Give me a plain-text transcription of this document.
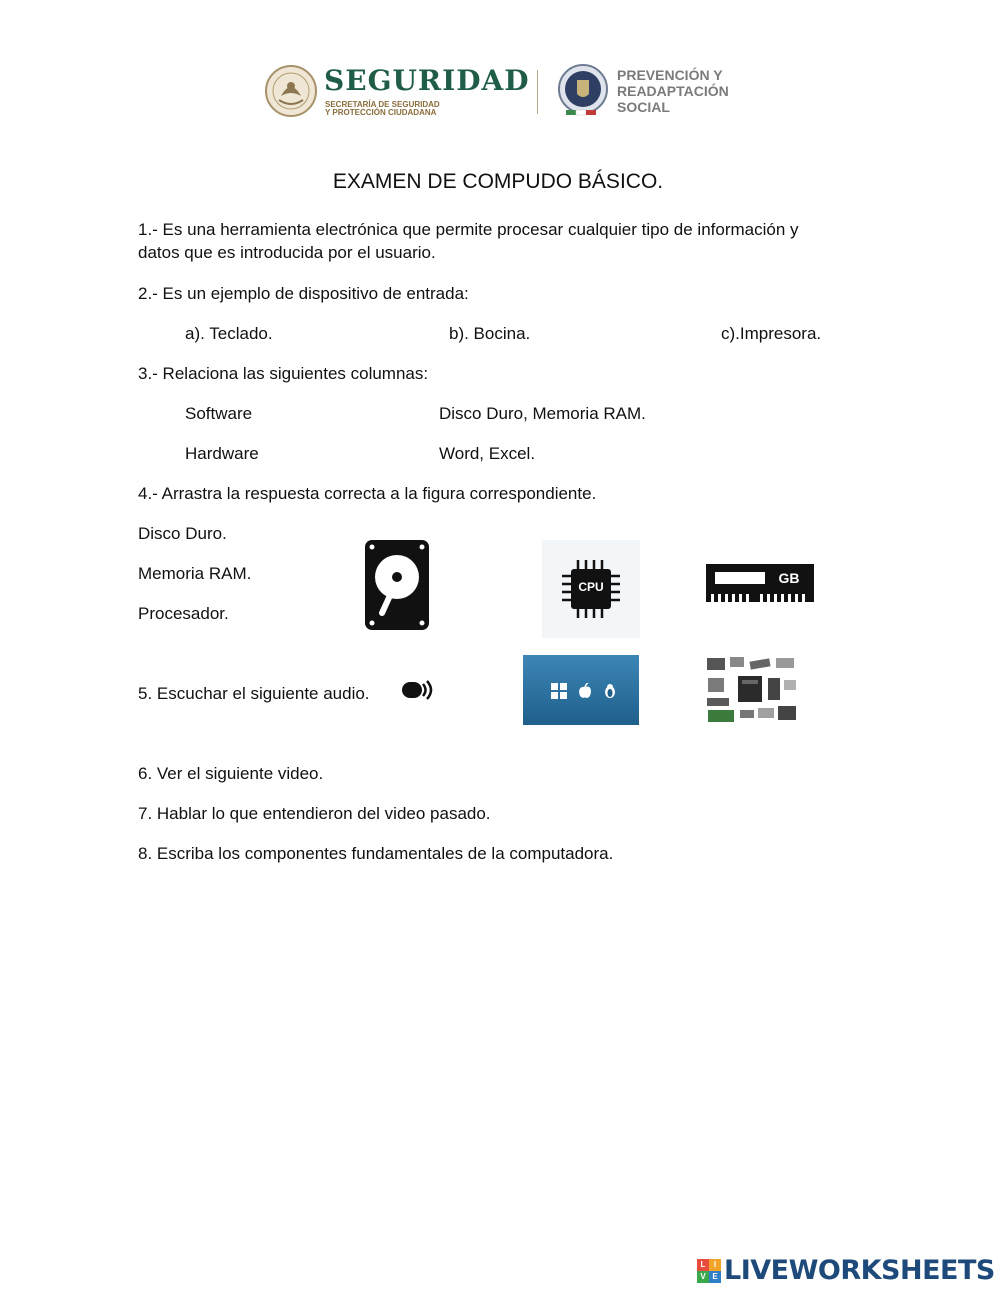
SEGURIDAD
SECRETARÍA DE SEGURIDAD
Y PROTECCIÓN CIUDADANA
PREVENCIÓN Y
READAPTACIÓN
SOCIAL
EXAMEN DE COMPUDO BÁSICO.
1.- Es una herramienta electrónica que permite procesar cualquier tipo de información y
datos que es introducida por el usuario.
2.- Es un ejemplo de dispositivo de entrada:
a). Teclado.	b). Bocina.	c).Impresora.
3.- Relaciona las siguientes columnas:
Software	Disco Duro, Memoria RAM.
Hardware	Word, Excel.
4.- Arrastra la respuesta correcta a la figura correspondiente.
Disco Duro.
Memoria RAM.
Procesador.
CPU
GB
5. Escuchar el siguiente audio.
6. Ver el siguiente video.
7. Hablar lo que entendieron del video pasado.
8. Escriba los componentes fundamentales de la computadora.
L	I
V E LIVEWORKSHEETS
